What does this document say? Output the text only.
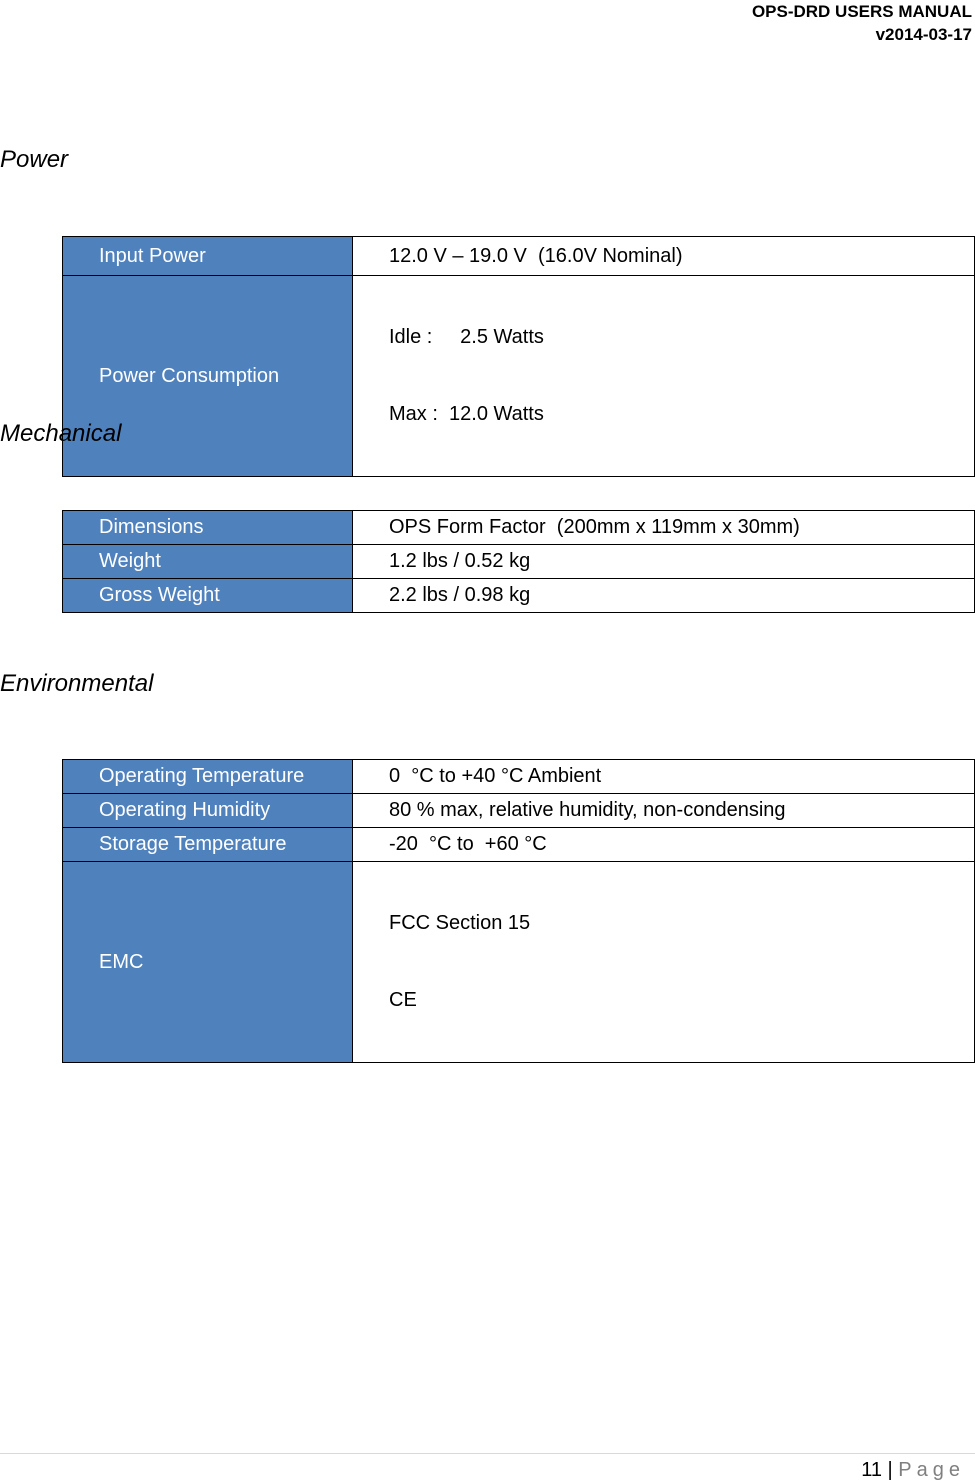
OPS-DRD USERS MANUAL
v2014-03-17
Power
Input Power	12.0 V – 19.0 V  (16.0V Nominal)
Power Consumption	Idle :     2.5 Watts

Max :  12.0 Watts

Mechanical
Dimensions	OPS Form Factor  (200mm x 119mm x 30mm)
Weight	1.2 lbs / 0.52 kg
Gross Weight	2.2 lbs / 0.98 kg
Environmental
Operating Temperature	0  °C to +40 °C Ambient
Operating Humidity	80 % max, relative humidity, non-condensing
Storage Temperature	-20  °C to  +60 °C
EMC	FCC Section 15

CE

11 | Page
